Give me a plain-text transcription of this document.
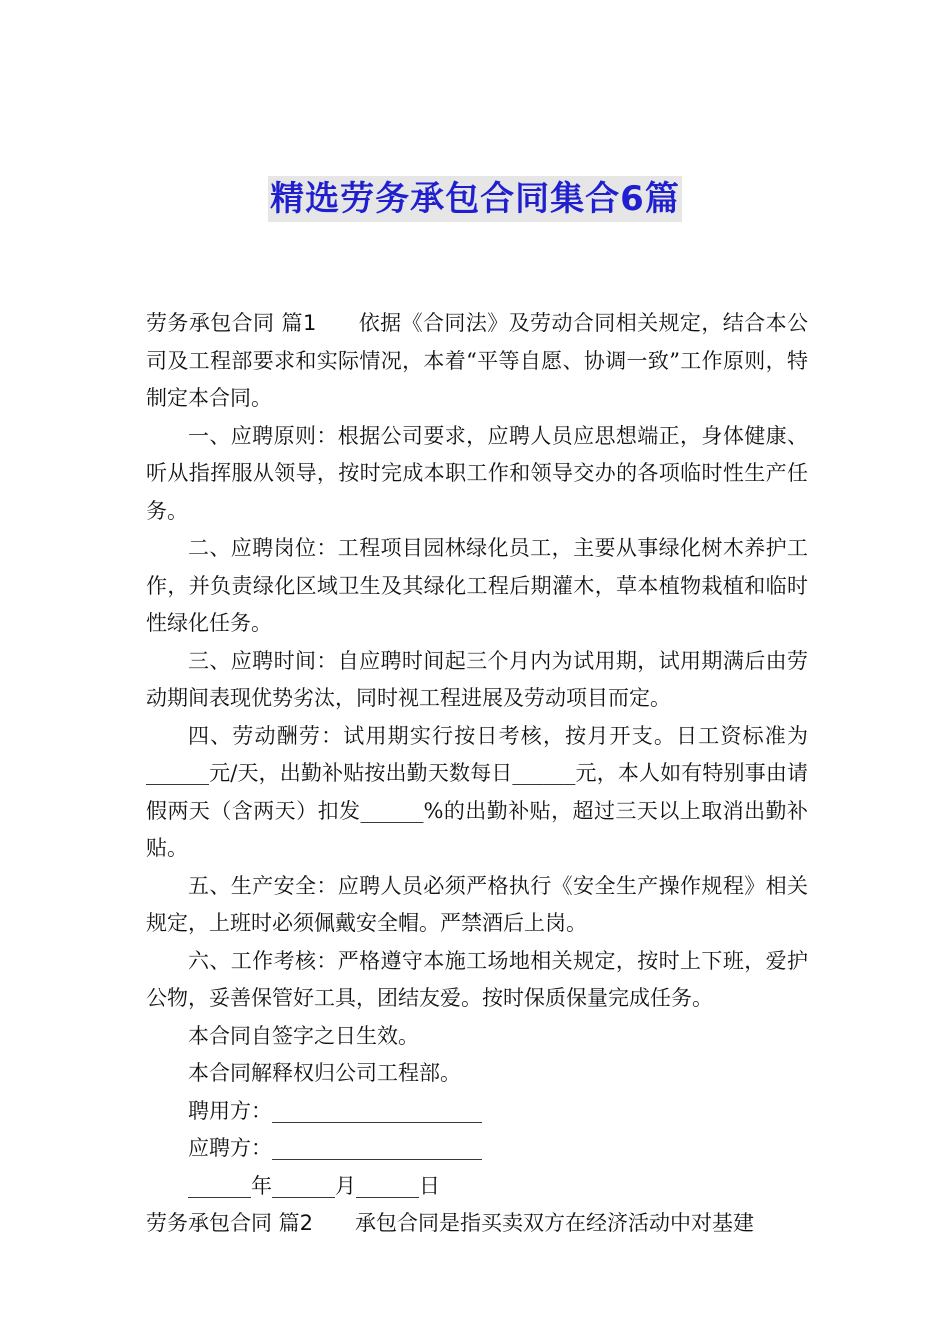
精选劳务承包合同集合6篇

劳务承包合同 篇1 依据《合同法》及劳动合同相关规定，结合本公司及工程部要求和实际情况，本着“平等自愿、协调一致”工作原则，特制定本合同。

一、应聘原则：根据公司要求，应聘人员应思想端正，身体健康、听从指挥服从领导，按时完成本职工作和领导交办的各项临时性生产任务。

二、应聘岗位：工程项目园林绿化员工，主要从事绿化树木养护工作，并负责绿化区域卫生及其绿化工程后期灌木，草本植物栽植和临时性绿化任务。

三、应聘时间：自应聘时间起三个月内为试用期，试用期满后由劳动期间表现优势劣汰，同时视工程进展及劳动项目而定。

四、劳动酬劳：试用期实行按日考核，按月开支。日工资标准为______元/天，出勤补贴按出勤天数每日______元，本人如有特别事由请假两天（含两天）扣发______%的出勤补贴，超过三天以上取消出勤补贴。

五、生产安全：应聘人员必须严格执行《安全生产操作规程》相关规定，上班时必须佩戴安全帽。严禁酒后上岗。

六、工作考核：严格遵守本施工场地相关规定，按时上下班，爱护公物，妥善保管好工具，团结友爱。按时保质保量完成任务。

本合同自签字之日生效。

本合同解释权归公司工程部。

聘用方：____________________

应聘方：____________________

______年______月______日

劳务承包合同 篇2 承包合同是指买卖双方在经济活动中对基建
